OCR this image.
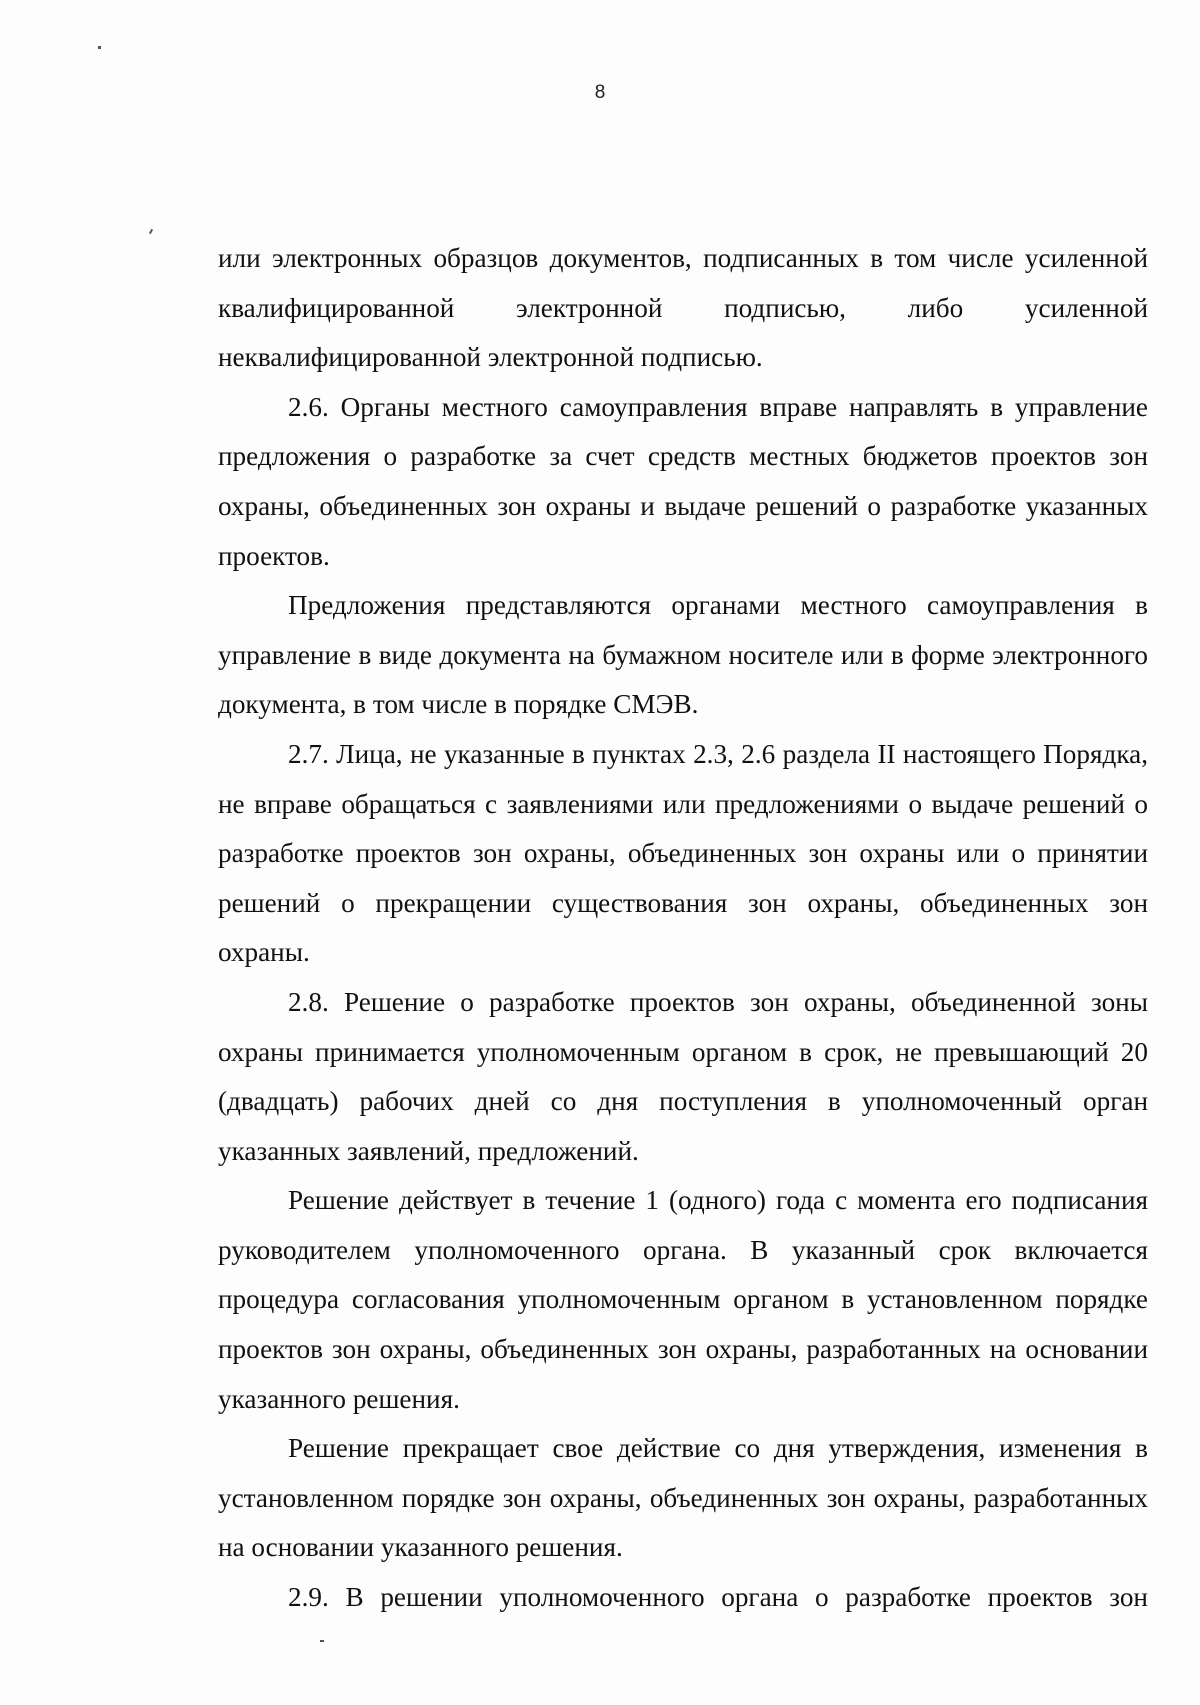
8

или электронных образцов документов, подписанных в том числе усиленной
квалифицированной электронной подписью, либо усиленной
неквалифицированной электронной подписью.

2.6. Органы местного самоуправления вправе направлять в управление предложения о разработке за счет средств местных бюджетов проектов зон охраны, объединенных зон охраны и выдаче решений о разработке указанных проектов.

Предложения представляются органами местного самоуправления в управление в виде документа на бумажном носителе или в форме электронного документа, в том числе в порядке СМЭВ.

2.7. Лица, не указанные в пунктах 2.3, 2.6 раздела II настоящего Порядка, не вправе обращаться с заявлениями или предложениями о выдаче решений о разработке проектов зон охраны, объединенных зон охраны или о принятии решений о прекращении существования зон охраны, объединенных зон охраны.

2.8. Решение о разработке проектов зон охраны, объединенной зоны охраны принимается уполномоченным органом в срок, не превышающий 20 (двадцать) рабочих дней со дня поступления в уполномоченный орган указанных заявлений, предложений.

Решение действует в течение 1 (одного) года с момента его подписания руководителем уполномоченного органа. В указанный срок включается процедура согласования уполномоченным органом в установленном порядке проектов зон охраны, объединенных зон охраны, разработанных на основании указанного решения.

Решение прекращает свое действие со дня утверждения, изменения в установленном порядке зон охраны, объединенных зон охраны, разработанных на основании указанного решения.

2.9. В решении уполномоченного органа о разработке проектов зон
